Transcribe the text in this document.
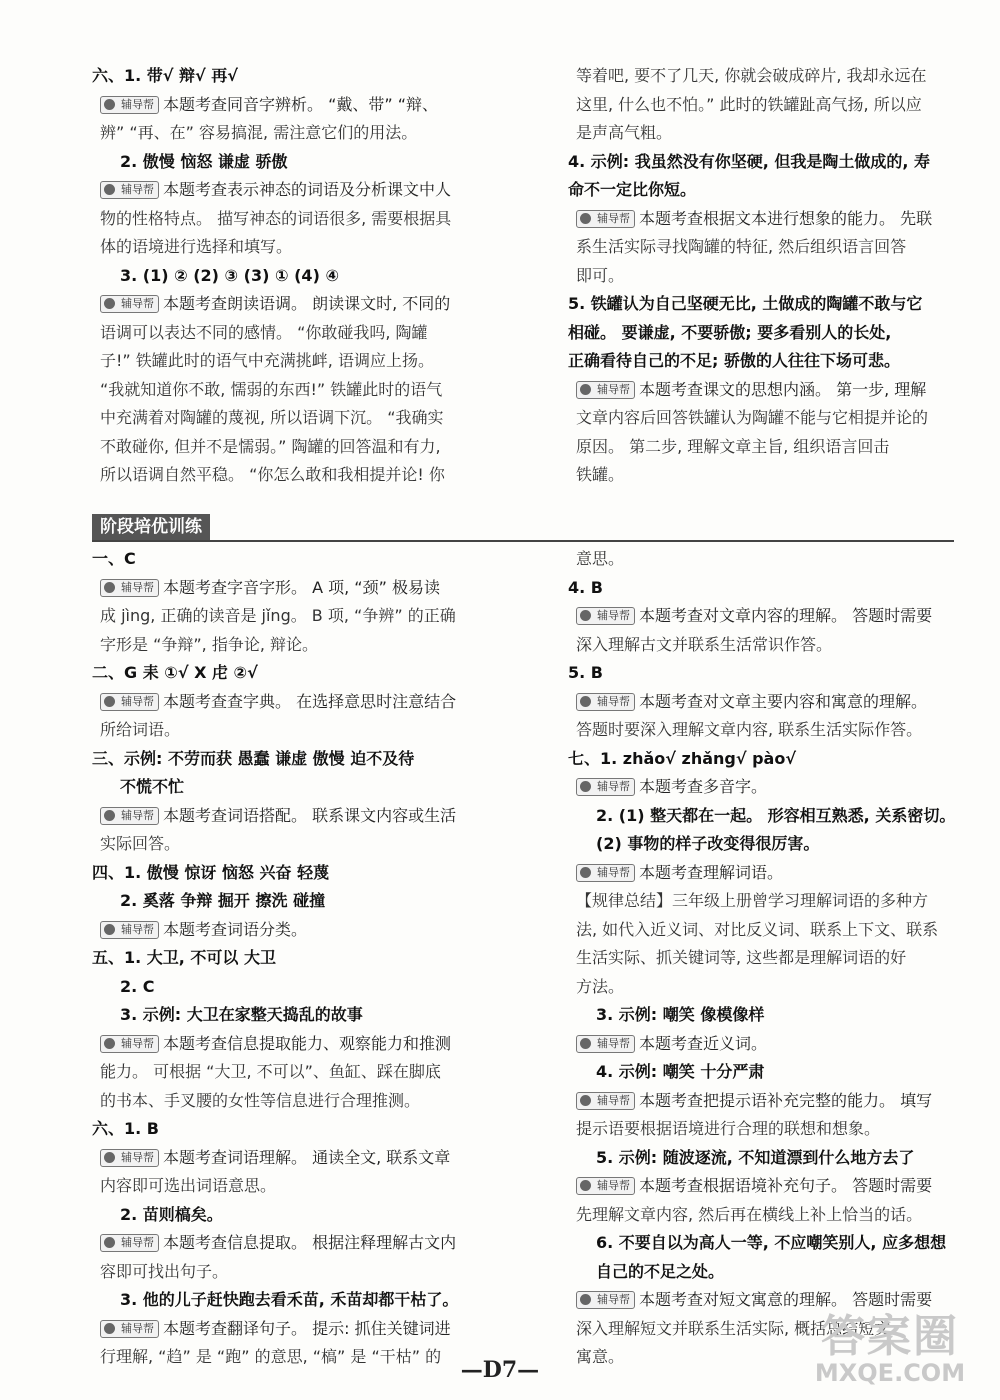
六、1. 带√ 辩√ 再√
辅导帮 本题考查同音字辨析。 “戴、带” “辩、
辨” “再、在” 容易搞混, 需注意它们的用法。
2. 傲慢 恼怒 谦虚 骄傲
辅导帮 本题考查表示神态的词语及分析课文中人
物的性格特点。 描写神态的词语很多, 需要根据具
体的语境进行选择和填写。
3. (1) ② (2) ③ (3) ① (4) ④
辅导帮 本题考查朗读语调。 朗读课文时, 不同的
语调可以表达不同的感情。 “你敢碰我吗, 陶罐
子!” 铁罐此时的语气中充满挑衅, 语调应上扬。
“我就知道你不敢, 懦弱的东西!” 铁罐此时的语气
中充满着对陶罐的蔑视, 所以语调下沉。 “我确实
不敢碰你, 但并不是懦弱。” 陶罐的回答温和有力,
所以语调自然平稳。 “你怎么敢和我相提并论! 你
等着吧, 要不了几天, 你就会破成碎片, 我却永远在
这里, 什么也不怕。” 此时的铁罐趾高气扬, 所以应
是声高气粗。
4. 示例: 我虽然没有你坚硬, 但我是陶土做成的, 寿
命不一定比你短。
辅导帮 本题考查根据文本进行想象的能力。 先联
系生活实际寻找陶罐的特征, 然后组织语言回答
即可。
5. 铁罐认为自己坚硬无比, 土做成的陶罐不敢与它
相碰。 要谦虚, 不要骄傲; 要多看别人的长处,
正确看待自己的不足; 骄傲的人往往下场可悲。
辅导帮 本题考查课文的思想内涵。 第一步, 理解
文章内容后回答铁罐认为陶罐不能与它相提并论的
原因。 第二步, 理解文章主旨, 组织语言回击
铁罐。
阶段培优训练
一、C
辅导帮 本题考查字音字形。 A 项, “颈” 极易读
成 jìng, 正确的读音是 jǐng。 B 项, “争辨” 的正确
字形是 “争辩”, 指争论, 辩论。
二、G 耒 ①√ X 虍 ②√
辅导帮 本题考查查字典。 在选择意思时注意结合
所给词语。
三、示例: 不劳而获 愚蠢 谦虚 傲慢 迫不及待
不慌不忙
辅导帮 本题考查词语搭配。 联系课文内容或生活
实际回答。
四、1. 傲慢 惊讶 恼怒 兴奋 轻蔑
2. 奚落 争辩 掘开 擦洗 碰撞
辅导帮 本题考查词语分类。
五、1. 大卫, 不可以 大卫
2. C
3. 示例: 大卫在家整天捣乱的故事
辅导帮 本题考查信息提取能力、观察能力和推测
能力。 可根据 “大卫, 不可以”、鱼缸、踩在脚底
的书本、手叉腰的女性等信息进行合理推测。
六、1. B
辅导帮 本题考查词语理解。 通读全文, 联系文章
内容即可选出词语意思。
2. 苗则槁矣。
辅导帮 本题考查信息提取。 根据注释理解古文内
容即可找出句子。
3. 他的儿子赶快跑去看禾苗, 禾苗却都干枯了。
辅导帮 本题考查翻译句子。 提示: 抓住关键词进
行理解, “趋” 是 “跑” 的意思, “槁” 是 “干枯” 的
意思。
4. B
辅导帮 本题考查对文章内容的理解。 答题时需要
深入理解古文并联系生活常识作答。
5. B
辅导帮 本题考查对文章主要内容和寓意的理解。
答题时要深入理解文章内容, 联系生活实际作答。
七、1. zhǎo√ zhǎng√ pào√
辅导帮 本题考查多音字。
2. (1) 整天都在一起。 形容相互熟悉, 关系密切。
(2) 事物的样子改变得很厉害。
辅导帮 本题考查理解词语。
【规律总结】三年级上册曾学习理解词语的多种方
法, 如代入近义词、对比反义词、联系上下文、联系
生活实际、抓关键词等, 这些都是理解词语的好
方法。
3. 示例: 嘲笑 像模像样
辅导帮 本题考查近义词。
4. 示例: 嘲笑 十分严肃
辅导帮 本题考查把提示语补充完整的能力。 填写
提示语要根据语境进行合理的联想和想象。
5. 示例: 随波逐流, 不知道漂到什么地方去了
辅导帮 本题考查根据语境补充句子。 答题时需要
先理解文章内容, 然后再在横线上补上恰当的话。
6. 不要自以为高人一等, 不应嘲笑别人, 应多想想
自己的不足之处。
辅导帮 本题考查对短文寓意的理解。 答题时需要
深入理解短文并联系生活实际, 概括总结短文
寓意。
—D7—
答案圈
MXQE.COM
